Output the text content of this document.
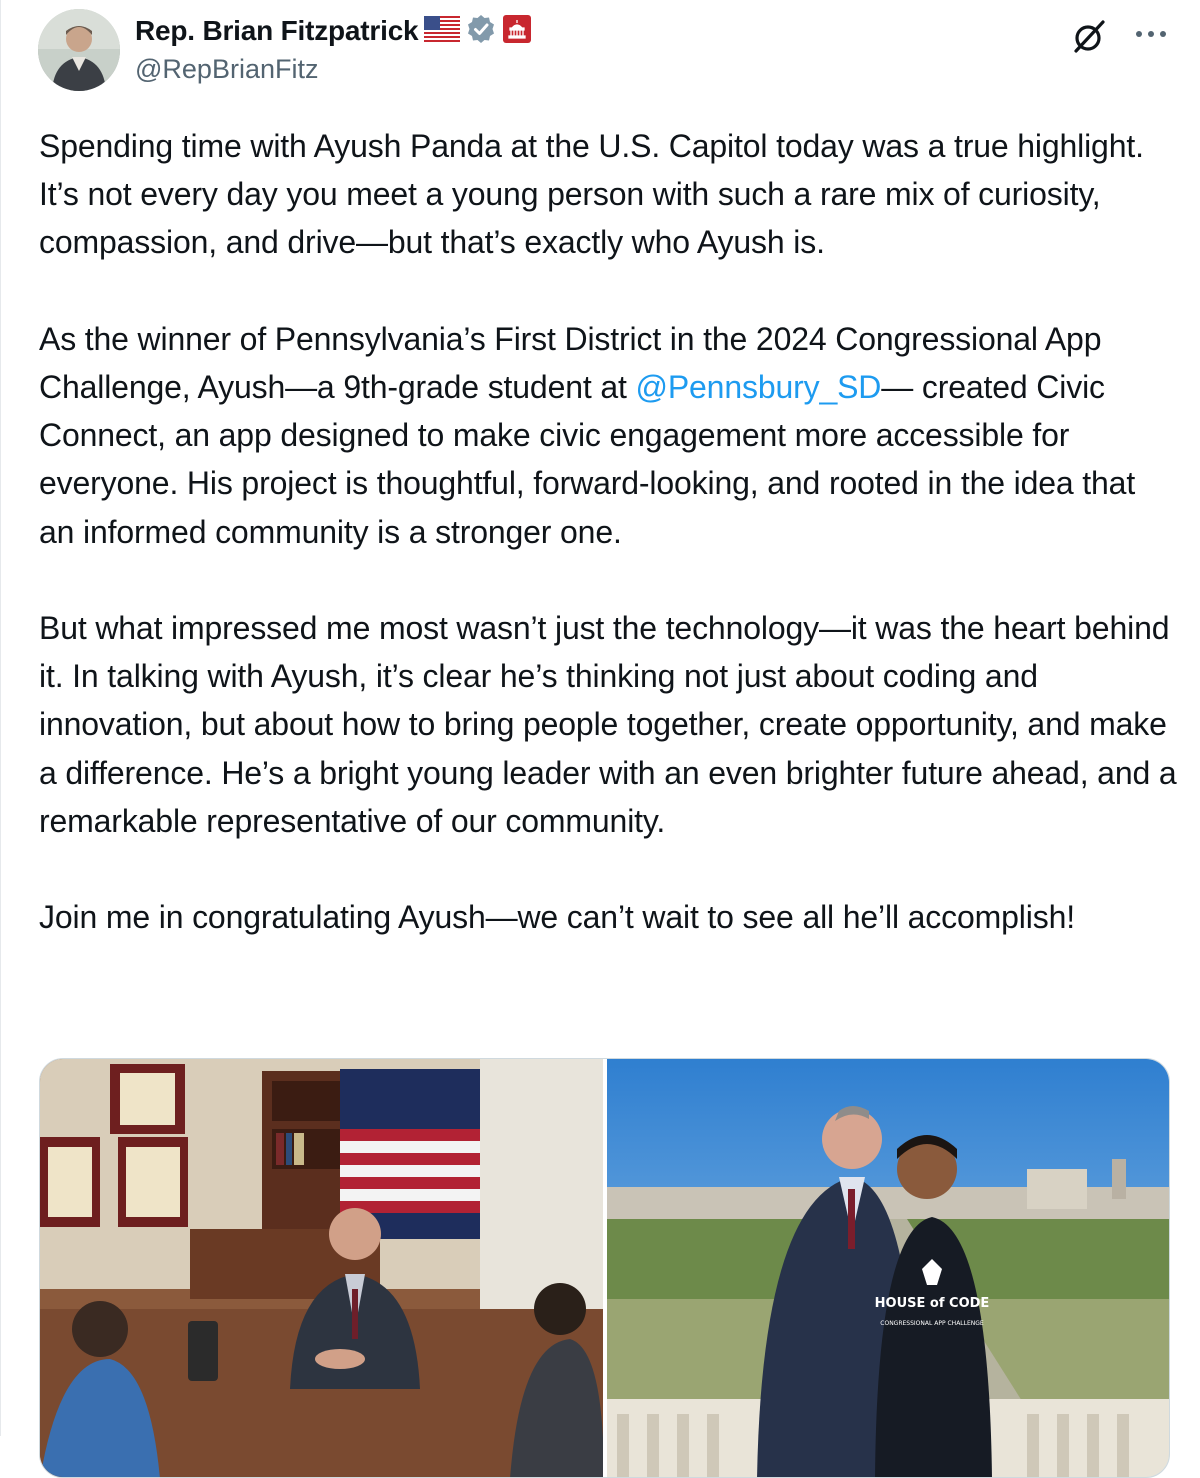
Rep. Brian Fitzpatrick
@RepBrianFitz
Spending time with Ayush Panda at the U.S. Capitol today was a true highlight. It’s not every day you meet a young person with such a rare mix of curiosity, compassion, and drive—but that’s exactly who Ayush is.

As the winner of Pennsylvania’s First District in the 2024 Congressional App Challenge, Ayush—a 9th-grade student at @Pennsbury_SD— created Civic Connect, an app designed to make civic engagement more accessible for everyone. His project is thoughtful, forward-looking, and rooted in the idea that an informed community is a stronger one.

But what impressed me most wasn’t just the technology—it was the heart behind it. In talking with Ayush, it’s clear he’s thinking not just about coding and innovation, but about how to bring people together, create opportunity, and make a difference. He’s a bright young leader with an even brighter future ahead, and a remarkable representative of our community.

Join me in congratulating Ayush—we can’t wait to see all he’ll accomplish!
HOUSE of CODE
CONGRESSIONAL APP CHALLENGE
